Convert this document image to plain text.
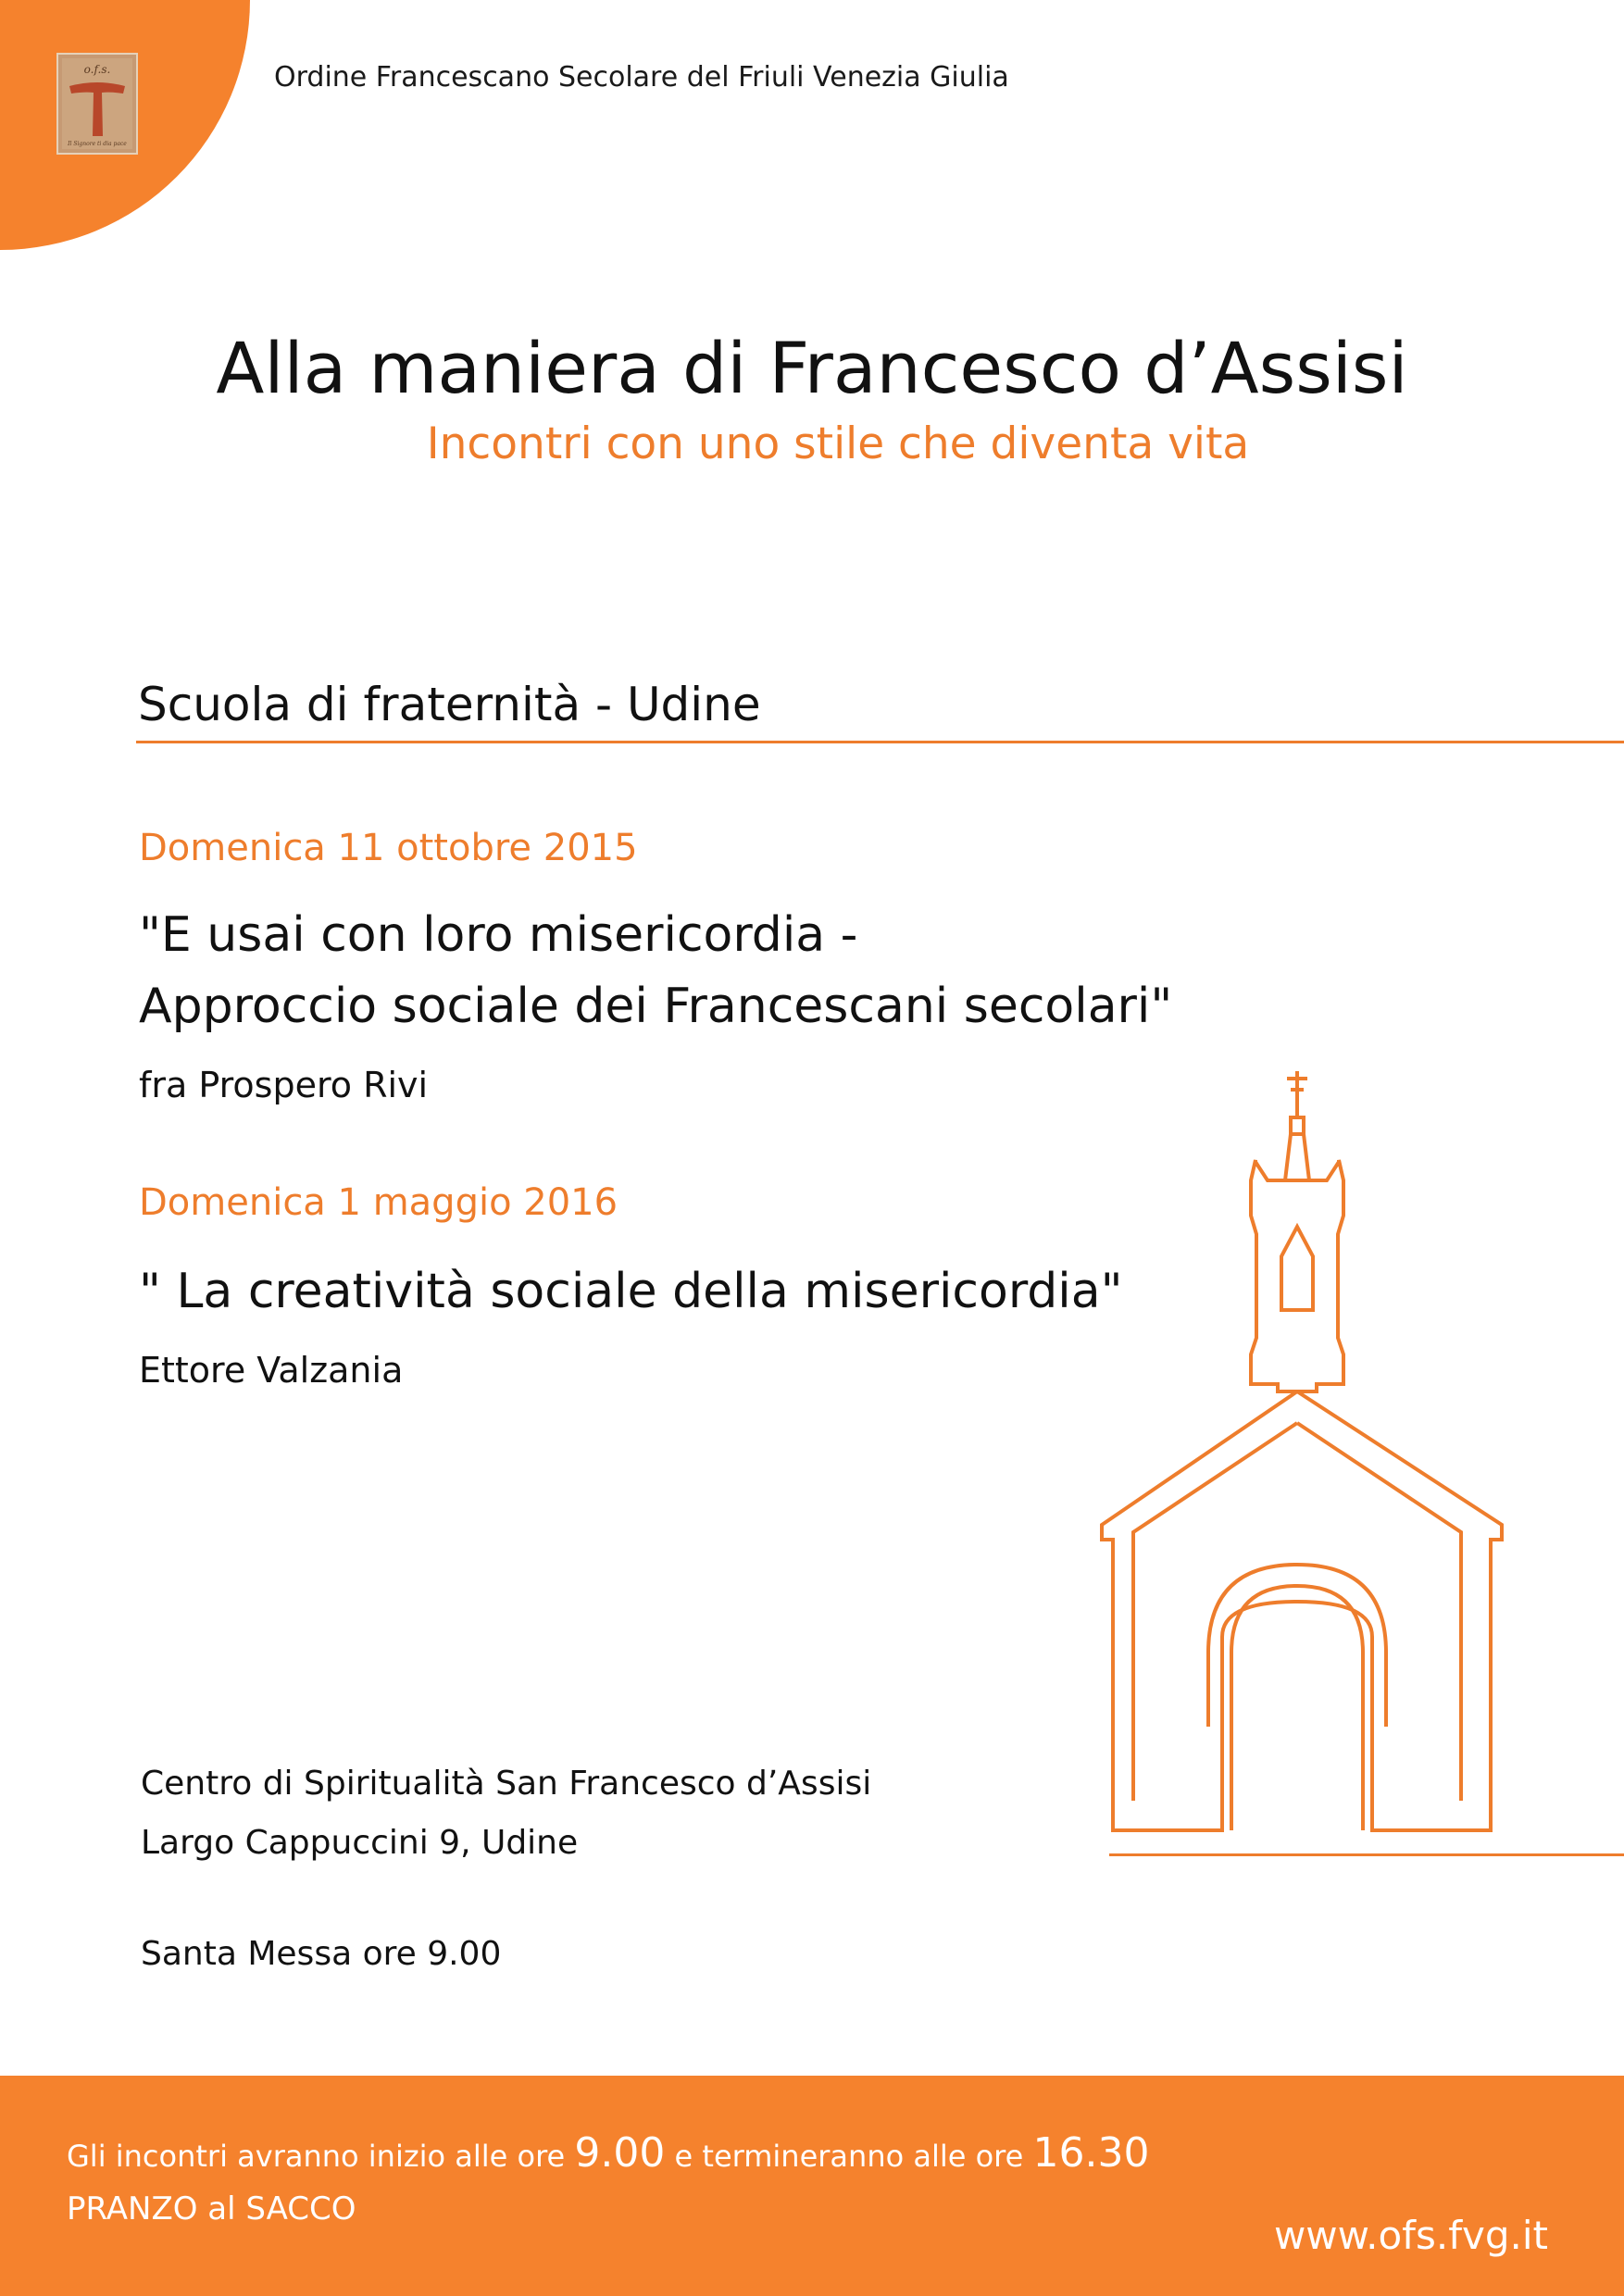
o.f.s.
Il Signore ti dia pace
Ordine Francescano Secolare del Friuli Venezia Giulia
Alla maniera di Francesco d’Assisi
Incontri con uno stile che diventa vita
Scuola di fraternità - Udine
Domenica 11 ottobre 2015
"E usai con loro misericordia -
Approccio sociale dei Francescani secolari"
fra Prospero Rivi
Domenica 1 maggio 2016
" La creatività sociale della misericordia"
Ettore Valzania
Centro di Spiritualità San Francesco d’Assisi
Largo Cappuccini 9, Udine
Santa Messa ore 9.00
Gli incontri avranno inizio alle ore 9.00 e termineranno alle ore 16.30
PRANZO al SACCO
www.ofs.fvg.it
